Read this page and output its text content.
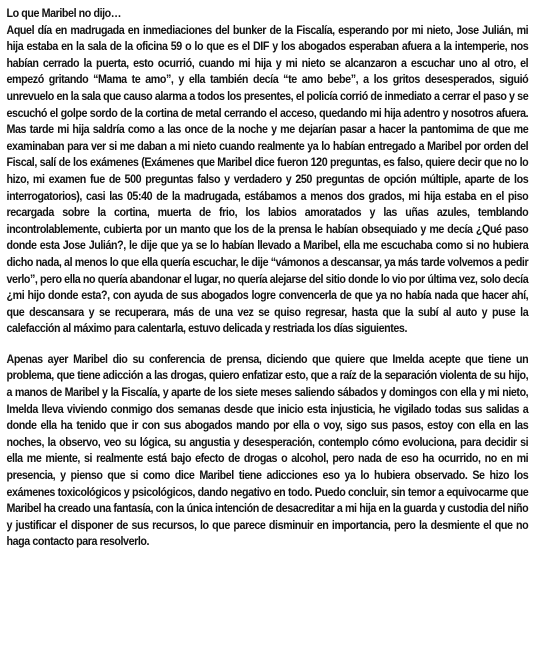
Lo que Maribel no dijo…

Aquel día en madrugada en inmediaciones del bunker de la Fiscalía, esperando por mi nieto, Jose Julián, mi hija estaba en la sala de la oficina 59 o lo que es el DIF y los abogados esperaban afuera a la intemperie, nos habían cerrado la puerta, esto ocurrió, cuando mi hija y mi nieto se alcanzaron a escuchar uno al otro, el empezó gritando “Mama te amo”, y ella también decía “te amo bebe”, a los gritos desesperados, siguió unrevuelo en la sala que causo alarma a todos los presentes, el policía corrió de inmediato a cerrar el paso y se escuchó el golpe sordo de la cortina de metal cerrando el acceso, quedando mi hija adentro y nosotros afuera. Mas tarde mi hija saldría como a las once de la noche y me dejarían pasar a hacer la pantomima de que me examinaban para ver si me daban a mi nieto cuando realmente ya lo habían entregado a Maribel por orden del Fiscal, salí de los exámenes (Exámenes que Maribel dice fueron 120 preguntas, es falso, quiere decir que no lo hizo, mi examen fue de 500 preguntas falso y verdadero y 250 preguntas de opción múltiple, aparte de los interrogatorios), casi las 05:40 de la madrugada, estábamos a menos dos grados, mi hija estaba en el piso recargada sobre la cortina, muerta de frio, los labios amoratados y las uñas azules, temblando incontrolablemente, cubierta por un manto que los de la prensa le habían obsequiado y me decía ¿Qué paso donde esta Jose Julián?, le dije que ya se lo habían llevado a Maribel, ella me escuchaba como si no hubiera dicho nada, al menos lo que ella quería escuchar, le dije “vámonos a descansar, ya más tarde volvemos a pedir verlo”, pero ella no quería abandonar el lugar, no quería alejarse del sitio donde lo vio por última vez, solo decía ¿mi hijo donde esta?, con ayuda de sus abogados logre convencerla de que ya no había nada que hacer ahí, que descansara y se recuperara, más de una vez se quiso regresar, hasta que la subí al auto y puse la calefacción al máximo para calentarla, estuvo delicada y restriada los días siguientes.

Apenas ayer Maribel dio su conferencia de prensa, diciendo que quiere que Imelda acepte que tiene un problema, que tiene adicción a las drogas, quiero enfatizar esto, que a raíz de la separación violenta de su hijo, a manos de Maribel y la Fiscalía, y aparte de los siete meses saliendo sábados y domingos con ella y mi nieto, Imelda lleva viviendo conmigo dos semanas desde que inicio esta injusticia, he vigilado todas sus salidas a donde ella ha tenido que ir con sus abogados mando por ella o voy, sigo sus pasos, estoy con ella en las noches, la observo, veo su lógica, su angustia y desesperación, contemplo cómo evoluciona, para decidir si ella me miente, si realmente está bajo efecto de drogas o alcohol, pero nada de eso ha ocurrido, no en mi presencia, y pienso que si como dice Maribel tiene adicciones eso ya lo hubiera observado. Se hizo los exámenes toxicológicos y psicológicos, dando negativo en todo. Puedo concluir, sin temor a equivocarme que Maribel ha creado una fantasía, con la única intención de desacreditar a mi hija en la guarda y custodia del niño y justificar el disponer de sus recursos, lo que parece disminuir en importancia, pero la desmiente el que no haga contacto para resolverlo.
